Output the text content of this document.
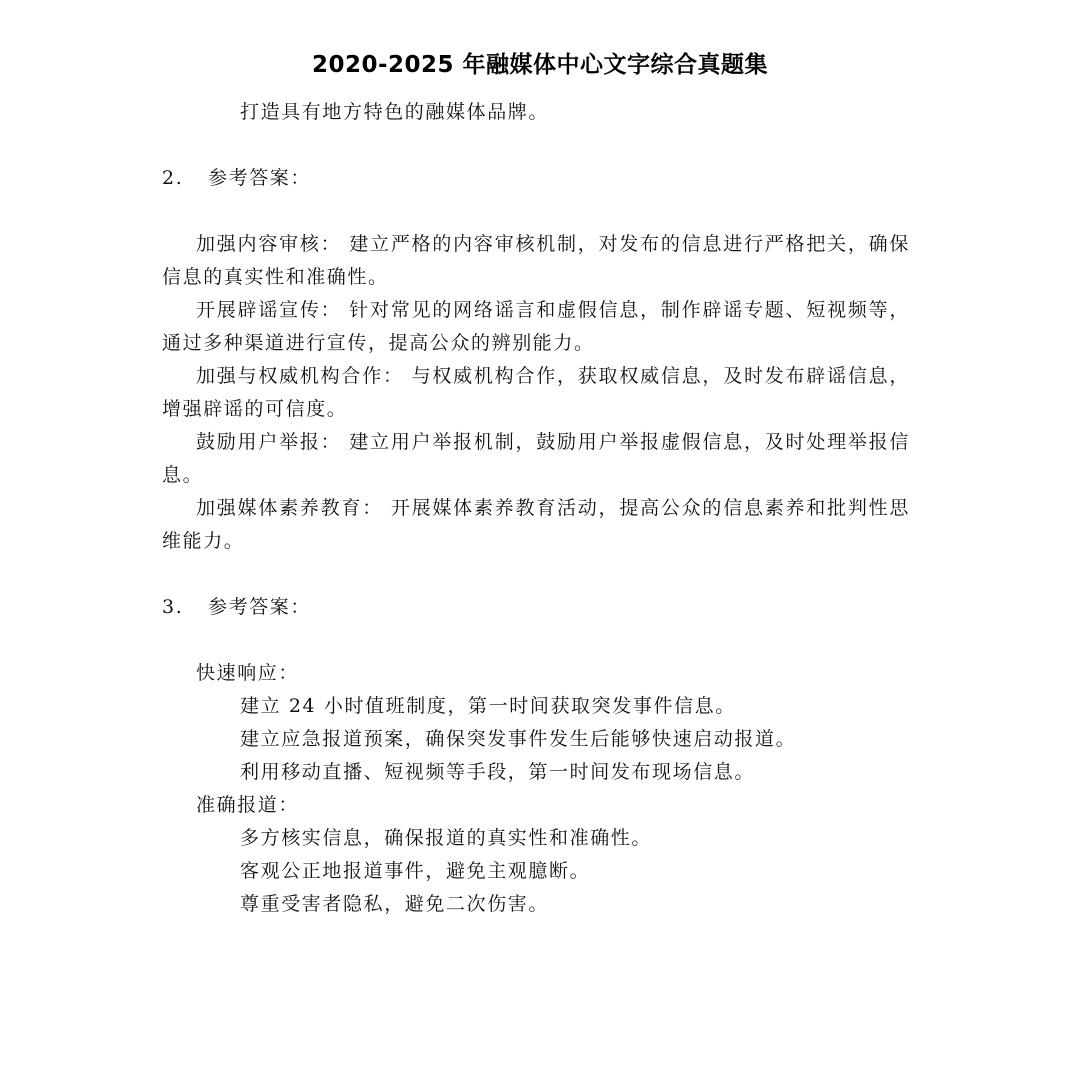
2020-2025 年融媒体中心文字综合真题集
打造具有地方特色的融媒体品牌。
2. 参考答案：
加强内容审核： 建立严格的内容审核机制，对发布的信息进行严格把关，确保信息的真实性和准确性。
开展辟谣宣传： 针对常见的网络谣言和虚假信息，制作辟谣专题、短视频等，通过多种渠道进行宣传，提高公众的辨别能力。
加强与权威机构合作： 与权威机构合作，获取权威信息，及时发布辟谣信息，增强辟谣的可信度。
鼓励用户举报： 建立用户举报机制，鼓励用户举报虚假信息，及时处理举报信息。
加强媒体素养教育： 开展媒体素养教育活动，提高公众的信息素养和批判性思维能力。
3. 参考答案：
快速响应：
建立 24 小时值班制度，第一时间获取突发事件信息。
建立应急报道预案，确保突发事件发生后能够快速启动报道。
利用移动直播、短视频等手段，第一时间发布现场信息。
准确报道：
多方核实信息，确保报道的真实性和准确性。
客观公正地报道事件，避免主观臆断。
尊重受害者隐私，避免二次伤害。
